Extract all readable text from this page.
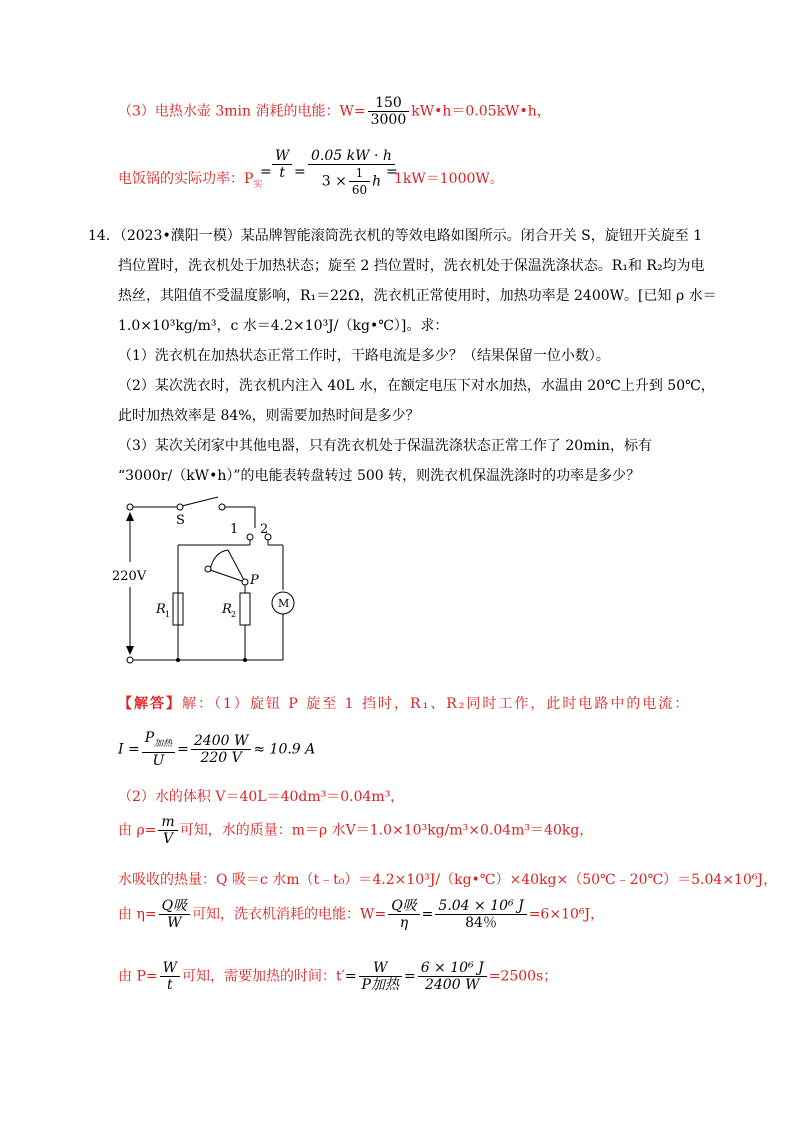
（3）电热水壶 3min 消耗的电能：$W= \frac{150}{3000}$ kW•h＝0.05kW•h，
电饭锅的实际功率：$P_实$
= $\frac{W}{t} = \frac{0.05 kW \cdot h}{3 \times \frac{1}{60} h}$
=
1kW＝1000W。
14．（2023•濮阳一模）某品牌智能滚筒洗衣机的等效电路如图所示。闭合开关 S，旋钮开关旋至 1
挡位置时，洗衣机处于加热状态；旋至 2 挡位置时，洗衣机处于保温洗涤状态。R₁和 R₂均为电
热丝，其阻值不受温度影响，R₁＝22Ω，洗衣机正常使用时，加热功率是 2400W。[已知 ρ 水＝
1.0×10³kg/m³，c 水＝4.2×10³J/（kg•℃）]。求：
（1）洗衣机在加热状态正常工作时，干路电流是多少？（结果保留一位小数）。
（2）某次洗衣时，洗衣机内注入 40L 水，在额定电压下对水加热，水温由 20℃上升到 50℃，
此时加热效率是 84%，则需要加热时间是多少？
（3）某次关闭家中其他电器，只有洗衣机处于保温洗涤状态正常工作了 20min，标有
“3000r/（kW•h）”的电能表转盘转过 500 转，则洗衣机保温洗涤时的功率是多少？
S
1 2
220V	P
R 1	R 2
M
【解答】解：（1）旋钮 P 旋至 1 挡时，R₁、R₂同时工作，此时电路中的电流：
$I = \frac{P_{加热}}{U} = \frac{2400 W}{220 V} \approx 10.9$ A
（2）水的体积 V＝40L＝40dm³＝0.04m³，
由 $\rho= \frac{m}{V}$ 可知，水的质量：m＝ρ 水V＝1.0×10³kg/m³×0.04m³＝40kg，
水吸收的热量：Q 吸＝c 水m（t﹣t₀）＝4.2×10³J/（kg•℃）×40kg×（50℃﹣20℃）＝5.04×10⁶J，
由 $\eta= \frac{\text{Q吸}}{W}$ 可知，洗衣机消耗的电能：$W= \frac{\text{Q吸}}{\eta} = \frac{\text{5.04 × 10⁶ J}}{84\%} =6\times 10^6J$，
由 $P= \frac{W}{t}$ 可知，需要加热的时间：$t'= \frac{W}{\text{P加热}} = \frac{\text{6 × 10⁶ J}}{2400 W} =2500s$；
